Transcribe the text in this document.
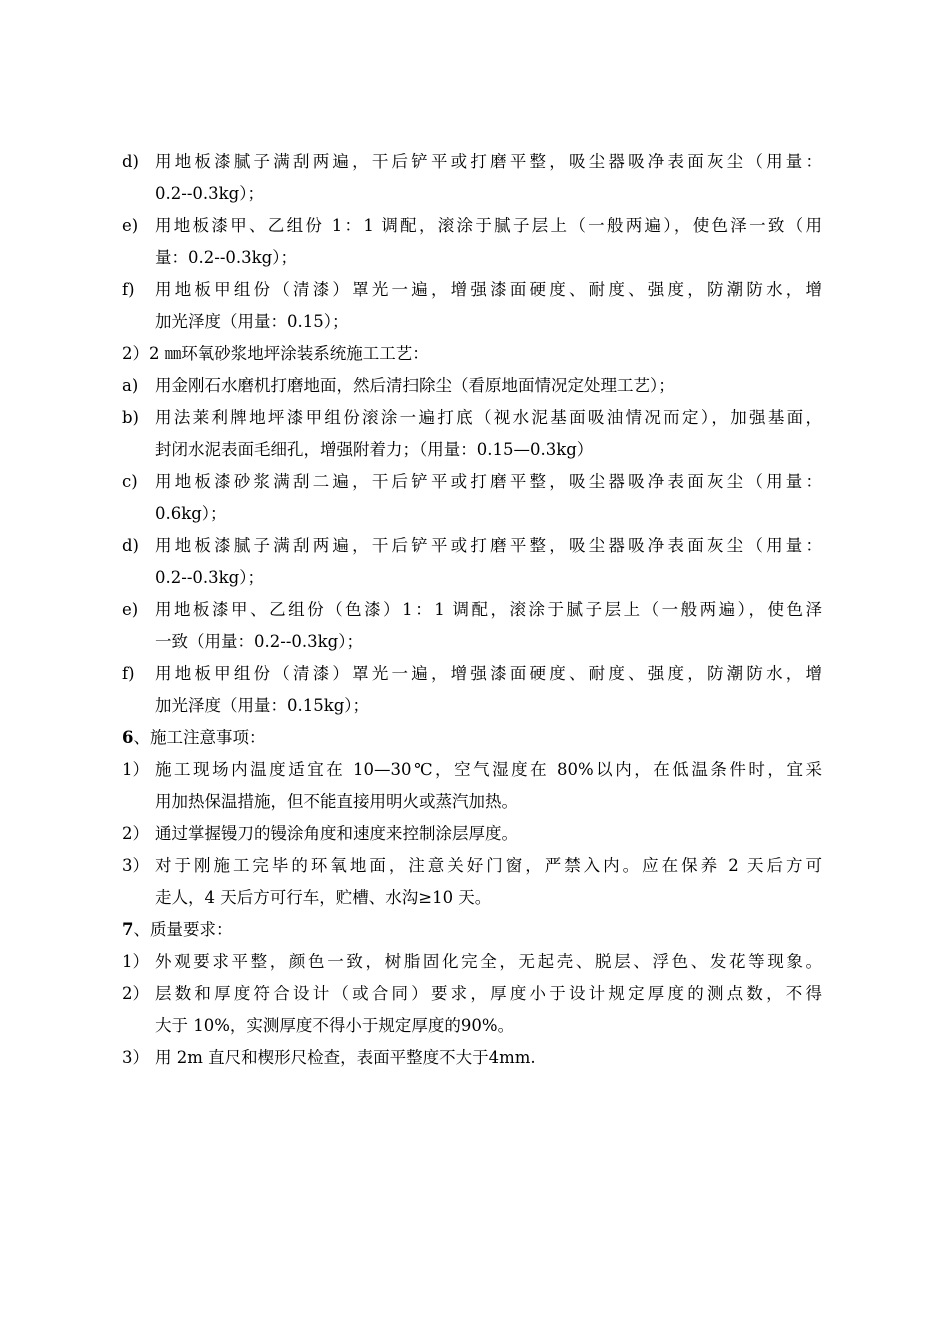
d) 用地板漆腻子满刮两遍，干后铲平或打磨平整，吸尘器吸净表面灰尘（用量：
0.2--0.3kg）；
e)	用地板漆甲、乙组份 1：1 调配，滚涂于腻子层上（一般两遍），使色泽一致（用
量：0.2--0.3kg）；
f)	用地板甲组份（清漆）罩光一遍，增强漆面硬度、耐度、强度，防潮防水，增
加光泽度（用量：0.15）；
2）2 ㎜环氧砂浆地坪涂装系统施工工艺：
a)	用金刚石水磨机打磨地面，然后清扫除尘（看原地面情况定处理工艺）；
b) 用法莱利牌地坪漆甲组份滚涂一遍打底（视水泥基面吸油情况而定），加强基面，
封闭水泥表面毛细孔，增强附着力；（用量：0.15—0.3kg）
c)	用地板漆砂浆满刮二遍，干后铲平或打磨平整，吸尘器吸净表面灰尘（用量：
0.6kg）；
d) 用地板漆腻子满刮两遍，干后铲平或打磨平整，吸尘器吸净表面灰尘（用量：
0.2--0.3kg）；
e)	用地板漆甲、乙组份（色漆）1：1 调配，滚涂于腻子层上（一般两遍），使色泽
一致（用量：0.2--0.3kg）；
f)	用地板甲组份（清漆）罩光一遍，增强漆面硬度、耐度、强度，防潮防水，增
加光泽度（用量：0.15kg）；
6 、施工注意事项：
1） 施工现场内温度适宜在 10—30℃，空气湿度在 80%以内，在低温条件时，宜采
用加热保温措施，但不能直接用明火或蒸汽加热。
2） 通过掌握镘刀的镘涂角度和速度来控制涂层厚度。
3） 对于刚施工完毕的环氧地面，注意关好门窗，严禁入内。应在保养 2 天后方可
走人，4 天后方可行车，贮槽、水沟≥10 天。
7 、质量要求：
1） 外观要求平整，颜色一致，树脂固化完全，无起壳、脱层、浮色、发花等现象。
2） 层数和厚度符合设计（或合同）要求，厚度小于设计规定厚度的测点数，不得
大于 10%，实测厚度不得小于规定厚度的90%。
3） 用 2m 直尺和楔形尺检查，表面平整度不大于4mm.
